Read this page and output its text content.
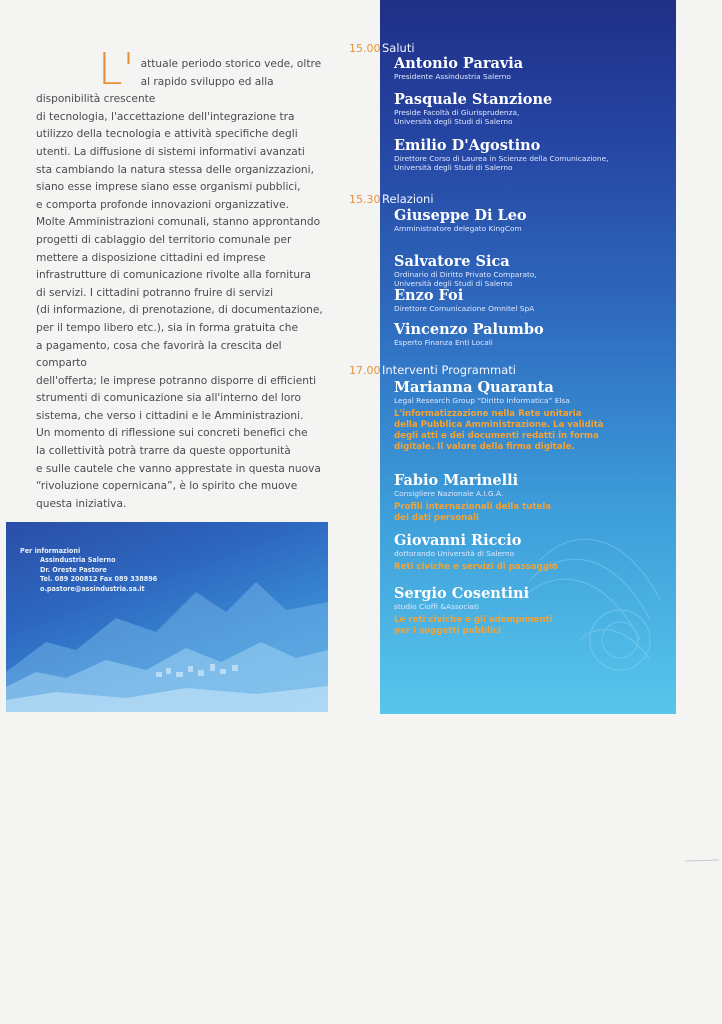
L' attuale periodo storico vede, oltre
al rapido sviluppo ed alla disponibilità crescente
di tecnologia, l'accettazione dell'integrazione tra
utilizzo della tecnologia e attività specifiche degli
utenti. La diffusione di sistemi informativi avanzati
sta cambiando la natura stessa delle organizzazioni,
siano esse imprese siano esse organismi pubblici,
e comporta profonde innovazioni organizzative.
Molte Amministrazioni comunali, stanno approntando
progetti di cablaggio del territorio comunale per
mettere a disposizione cittadini ed imprese
infrastrutture di comunicazione rivolte alla fornitura
di servizi. I cittadini potranno fruire di servizi
(di informazione, di prenotazione, di documentazione,
per il tempo libero etc.), sia in forma gratuita che
a pagamento, cosa che favorirà la crescita del comparto
dell'offerta; le imprese potranno disporre di efficienti
strumenti di comunicazione sia all'interno del loro
sistema, che verso i cittadini e le Amministrazioni.
Un momento di riflessione sui concreti benefici che
la collettività potrà trarre da queste opportunità
e sulle cautele che vanno apprestate in questa nuova
“rivoluzione copernicana”, è lo spirito che muove
questa iniziativa.

Per informazioni
Assindustria Salerno
Dr. Oreste Pastore
Tel. 089 200812 Fax 089 338896
o.pastore@assindustria.sa.it
15.00 Saluti
Antonio Paravia
Presidente Assindustria Salerno
Pasquale Stanzione
Preside Facoltà di Giurisprudenza,
Università degli Studi di Salerno
Emilio D'Agostino
Direttore Corso di Laurea in Scienze della Comunicazione,
Università degli Studi di Salerno
15.30 Relazioni
Giuseppe Di Leo
Amministratore delegato KingCom
Salvatore Sica
Ordinario di Diritto Privato Comparato,
Università degli Studi di Salerno
Enzo Foi
Direttore Comunicazione Omnitel SpA
Vincenzo Palumbo
Esperto Finanza Enti Locali
17.00 Interventi Programmati
Marianna Quaranta
Legal Research Group “Diritto Informatica” Elsa
L'informatizzazione nella Rete unitaria
della Pubblica Amministrazione. La validità
degli atti e dei documenti redatti in forma
digitale. Il valore della firma digitale.
Fabio Marinelli
Consigliere Nazionale A.I.G.A.
Profili internazionali della tutela
dei dati personali
Giovanni Riccio
dottorando Università di Salerno
Reti civiche e servizi di passaggio
Sergio Cosentini
studio Cioffi &Associati
Le reti civiche e gli adempimenti
per i soggetti pubblici
